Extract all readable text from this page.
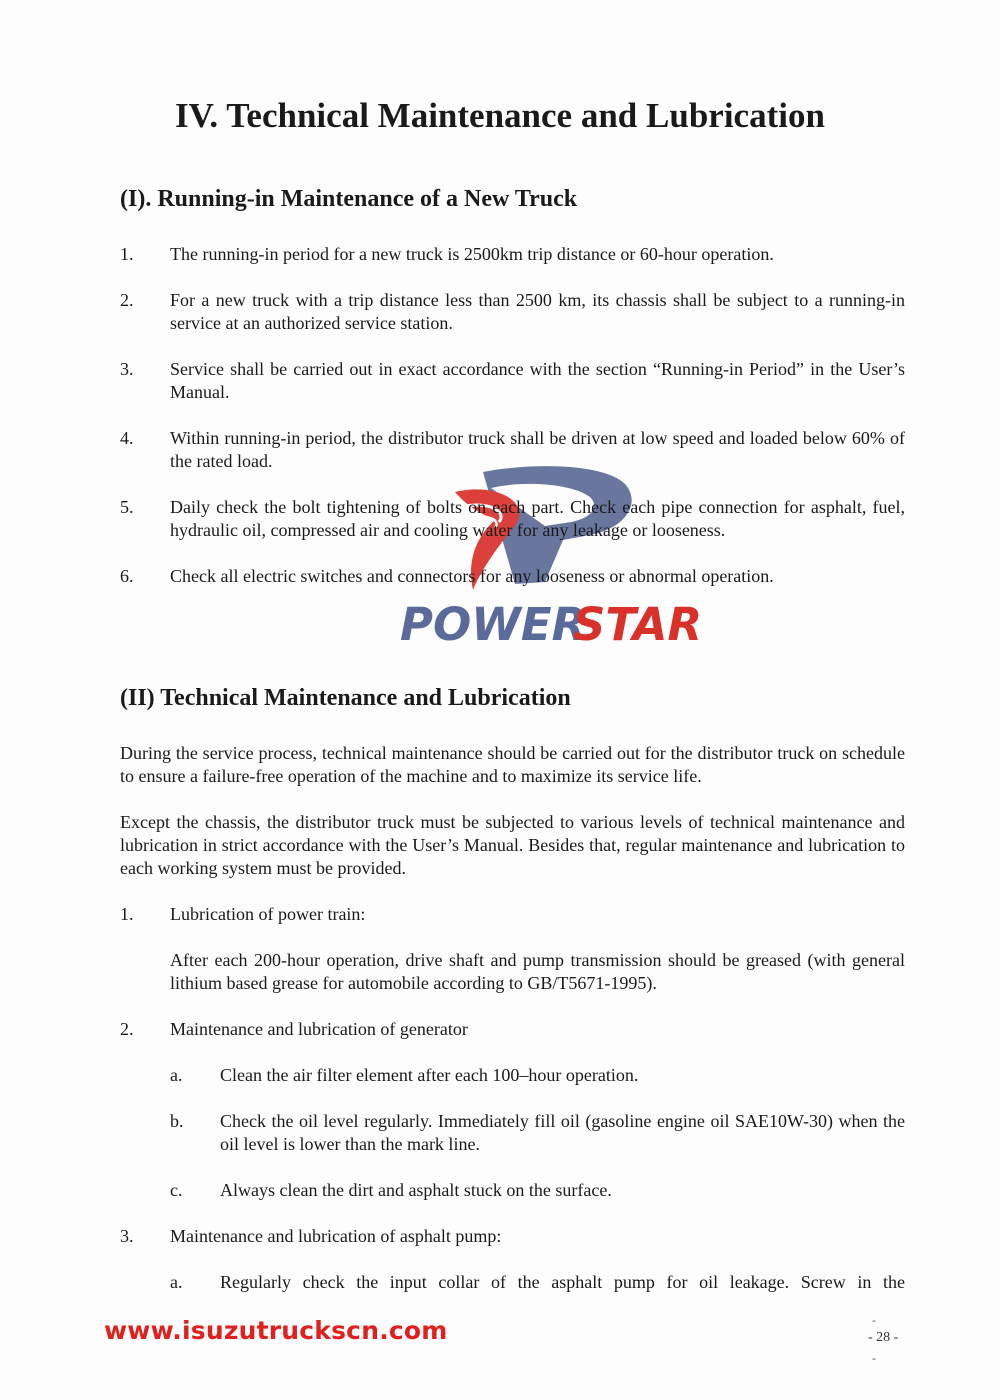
IV. Technical Maintenance and Lubrication
(I). Running-in Maintenance of a New Truck
1. The running-in period for a new truck is 2500km trip distance or 60-hour operation.
2. For a new truck with a trip distance less than 2500 km, its chassis shall be subject to a running-in service at an authorized service station.
3. Service shall be carried out in exact accordance with the section “Running-in Period” in the User’s Manual.
4. Within running-in period, the distributor truck shall be driven at low speed and loaded below 60% of the rated load.
POWER
STAR
5. Daily check the bolt tightening of bolts on each part. Check each pipe connection for asphalt, fuel, hydraulic oil, compressed air and cooling water for any leakage or looseness.
6. Check all electric switches and connectors for any looseness or abnormal operation.
(II) Technical Maintenance and Lubrication

During the service process, technical maintenance should be carried out for the distributor truck on schedule to ensure a failure-free operation of the machine and to maximize its service life.

Except the chassis, the distributor truck must be subjected to various levels of technical maintenance and lubrication in strict accordance with the User’s Manual. Besides that, regular maintenance and lubrication to each working system must be provided.

1. Lubrication of power train:

After each 200-hour operation, drive shaft and pump transmission should be greased (with general lithium based grease for automobile according to GB/T5671-1995).

2. Maintenance and lubrication of generator
a. Clean the air filter element after each 100–hour operation.
b. Check the oil level regularly. Immediately fill oil (gasoline engine oil SAE10W-30) when the oil level is lower than the mark line.
c. Always clean the dirt and asphalt stuck on the surface.
3. Maintenance and lubrication of asphalt pump:
a. Regularly check the input collar of the asphalt pump for oil leakage. Screw in the
www.isuzutruckscn.com	-
- 28 -
-
